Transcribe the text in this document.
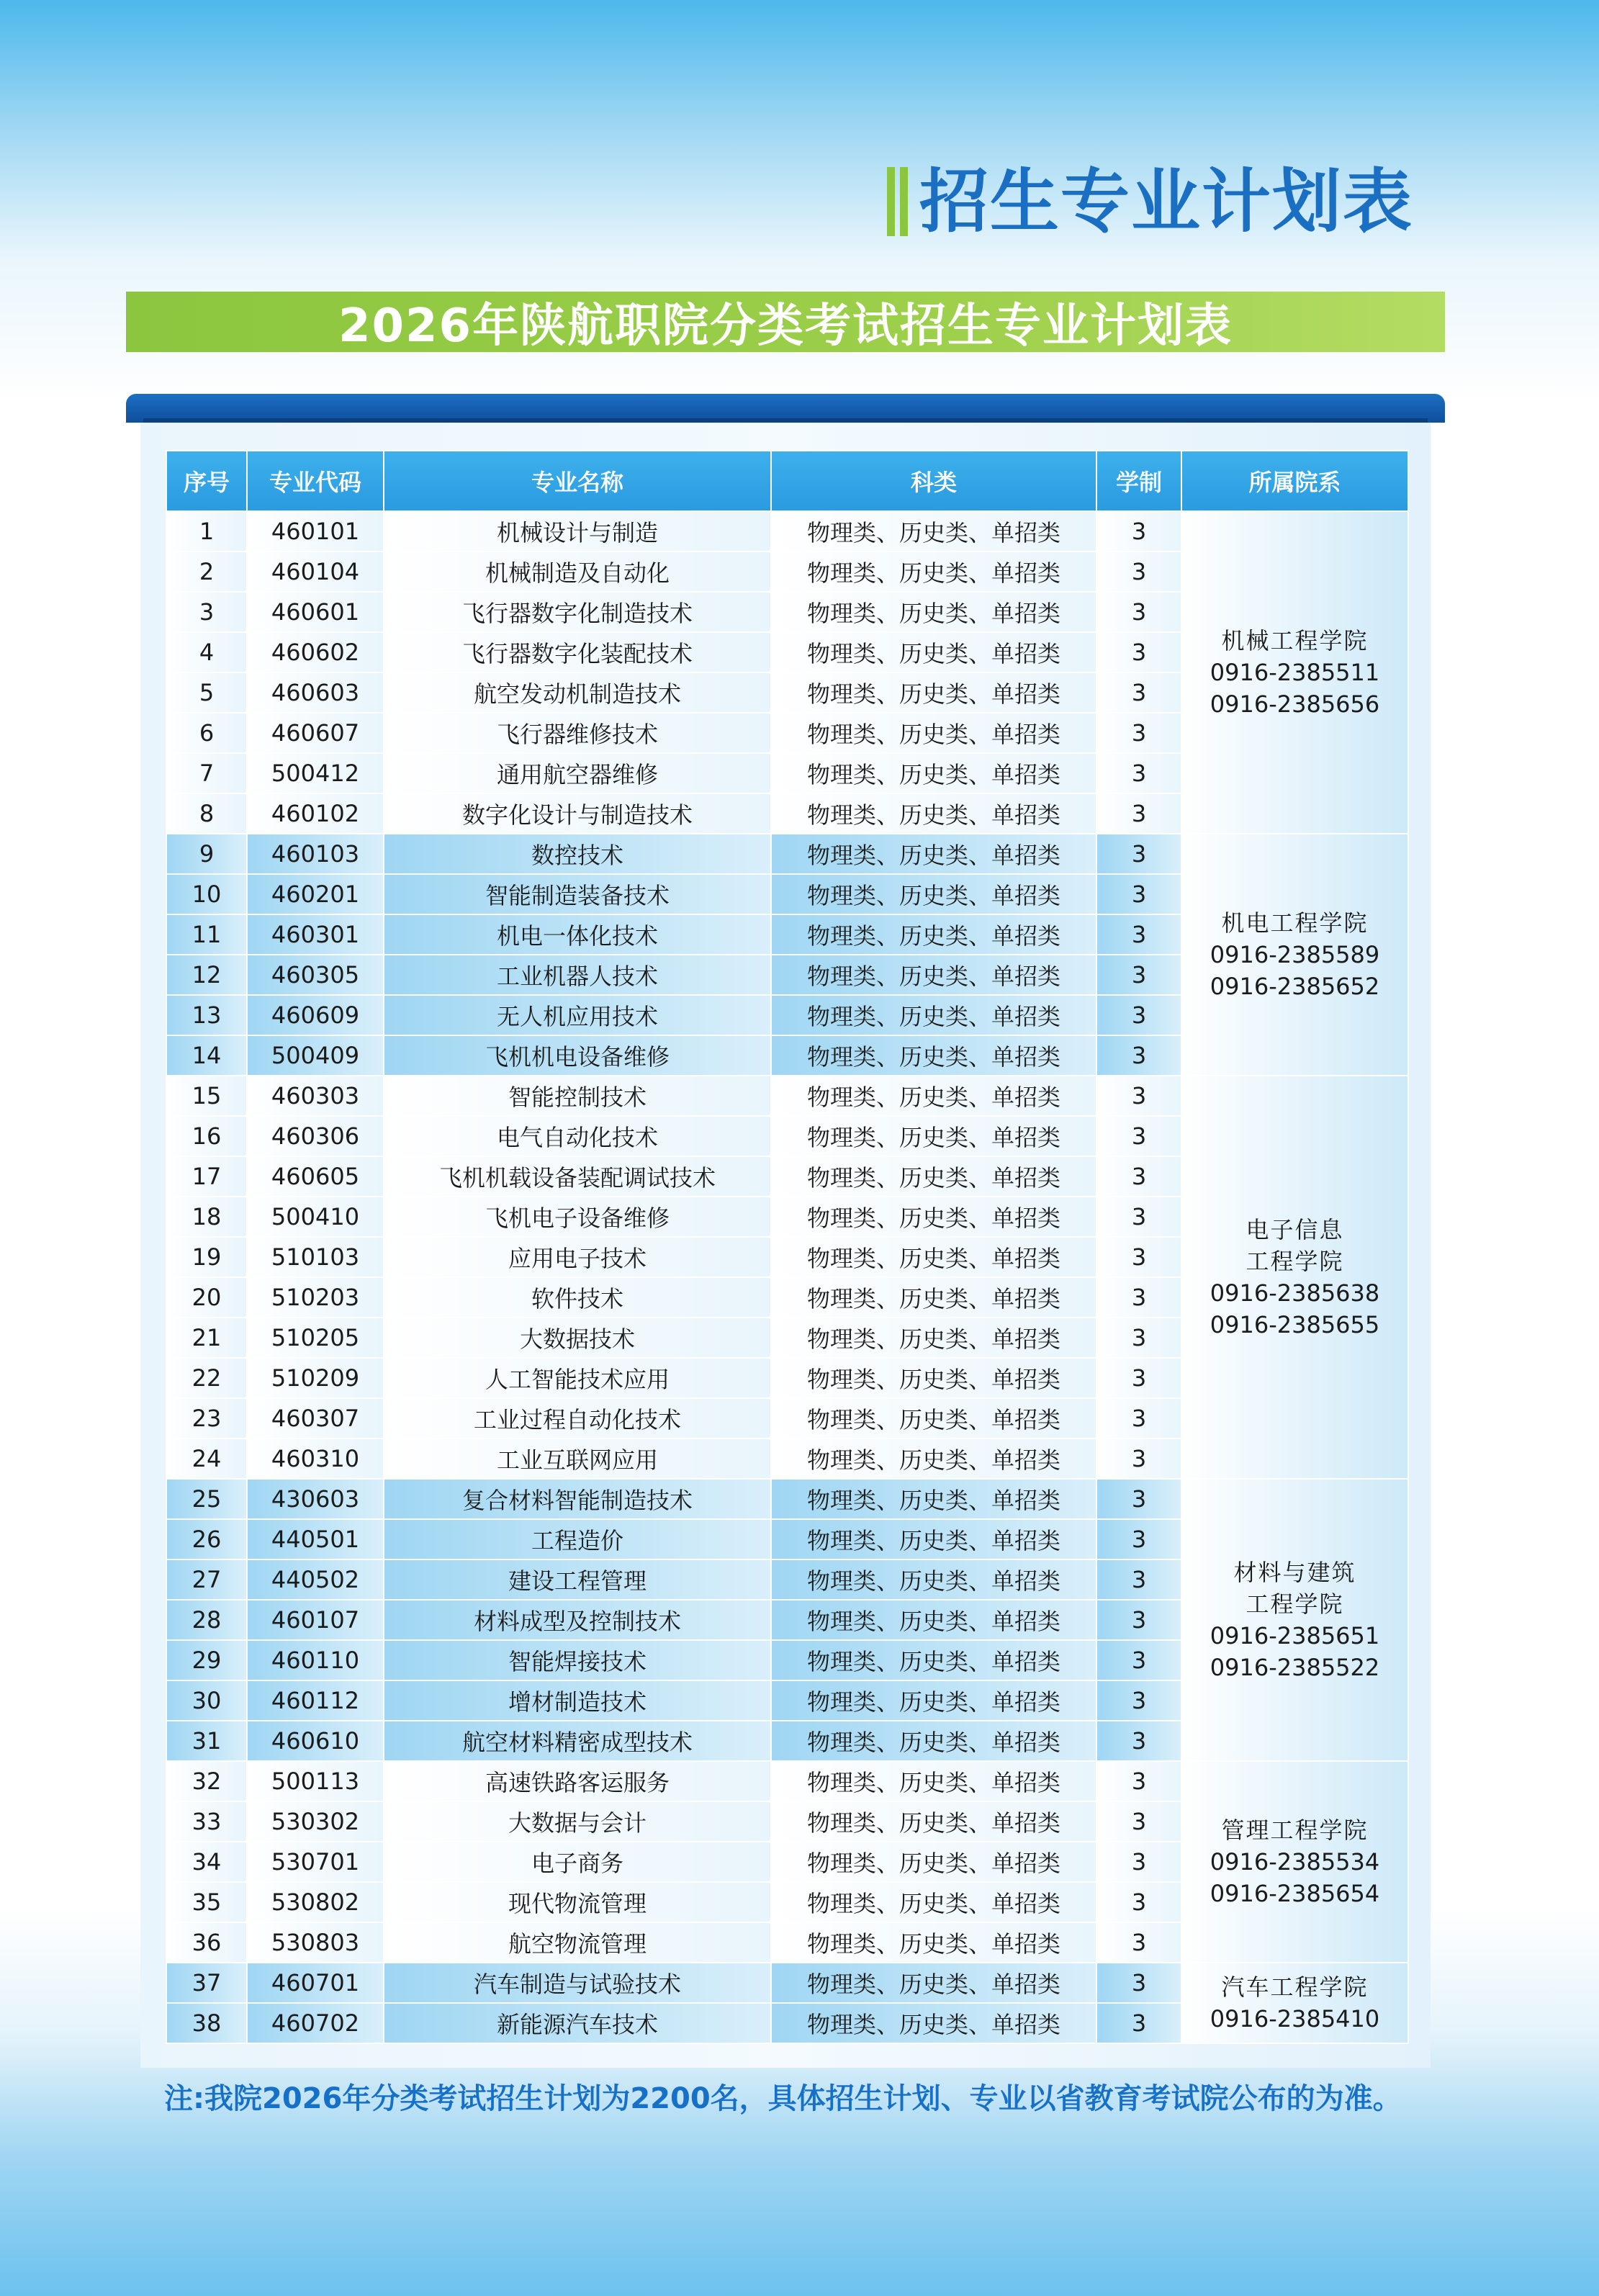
招生专业计划表
2026年陕航职院分类考试招生专业计划表
序号	专业代码	专业名称	科类	学制	所属院系
1	460101	机械设计与制造	物理类、历史类、单招类	3	机械工程学院
0916-2385511
0916-2385656

2	460104	机械制造及自动化	物理类、历史类、单招类	3	
3	460601	飞行器数字化制造技术	物理类、历史类、单招类	3	
4	460602	飞行器数字化装配技术	物理类、历史类、单招类	3	
5	460603	航空发动机制造技术	物理类、历史类、单招类	3	
6	460607	飞行器维修技术	物理类、历史类、单招类	3	
7	500412	通用航空器维修	物理类、历史类、单招类	3	
8	460102	数字化设计与制造技术	物理类、历史类、单招类	3	
9	460103	数控技术	物理类、历史类、单招类	3	机电工程学院
0916-2385589
0916-2385652

10	460201	智能制造装备技术	物理类、历史类、单招类	3	
11	460301	机电一体化技术	物理类、历史类、单招类	3	
12	460305	工业机器人技术	物理类、历史类、单招类	3	
13	460609	无人机应用技术	物理类、历史类、单招类	3	
14	500409	飞机机电设备维修	物理类、历史类、单招类	3	
15	460303	智能控制技术	物理类、历史类、单招类	3	电子信息
工程学院
0916-2385638
0916-2385655

16	460306	电气自动化技术	物理类、历史类、单招类	3	
17	460605	飞机机载设备装配调试技术	物理类、历史类、单招类	3	
18	500410	飞机电子设备维修	物理类、历史类、单招类	3	
19	510103	应用电子技术	物理类、历史类、单招类	3	
20	510203	软件技术	物理类、历史类、单招类	3	
21	510205	大数据技术	物理类、历史类、单招类	3	
22	510209	人工智能技术应用	物理类、历史类、单招类	3	
23	460307	工业过程自动化技术	物理类、历史类、单招类	3	
24	460310	工业互联网应用	物理类、历史类、单招类	3	
25	430603	复合材料智能制造技术	物理类、历史类、单招类	3	材料与建筑
工程学院
0916-2385651
0916-2385522

26	440501	工程造价	物理类、历史类、单招类	3	
27	440502	建设工程管理	物理类、历史类、单招类	3	
28	460107	材料成型及控制技术	物理类、历史类、单招类	3	
29	460110	智能焊接技术	物理类、历史类、单招类	3	
30	460112	增材制造技术	物理类、历史类、单招类	3	
31	460610	航空材料精密成型技术	物理类、历史类、单招类	3	
32	500113	高速铁路客运服务	物理类、历史类、单招类	3	管理工程学院
0916-2385534
0916-2385654

33	530302	大数据与会计	物理类、历史类、单招类	3	
34	530701	电子商务	物理类、历史类、单招类	3	
35	530802	现代物流管理	物理类、历史类、单招类	3	
36	530803	航空物流管理	物理类、历史类、单招类	3	
37	460701	汽车制造与试验技术	物理类、历史类、单招类	3	汽车工程学院
0916-2385410

38	460702	新能源汽车技术	物理类、历史类、单招类	3	
注:我院2026年分类考试招生计划为2200名，具体招生计划、专业以省教育考试院公布的为准。
